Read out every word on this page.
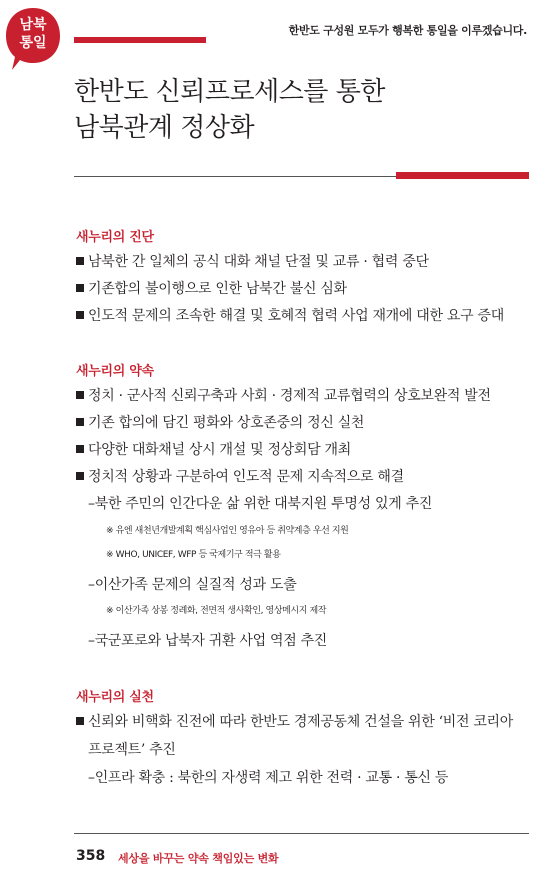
남북
통일
한반도 구성원 모두가 행복한 통일을 이루겠습니다.
한반도 신뢰프로세스를 통한
남북관계 정상화
새누리의 진단
남북한 간 일체의 공식 대화 채널 단절 및 교류 · 협력 중단
기존합의 불이행으로 인한 남북간 불신 심화
인도적 문제의 조속한 해결 및 호혜적 협력 사업 재개에 대한 요구 증대
새누리의 약속
정치 · 군사적 신뢰구축과 사회 · 경제적 교류협력의 상호보완적 발전
기존 합의에 담긴 평화와 상호존중의 정신 실천
다양한 대화채널 상시 개설 및 정상회담 개최
정치적 상황과 구분하여 인도적 문제 지속적으로 해결
–북한 주민의 인간다운 삶 위한 대북지원 투명성 있게 추진
※ 유엔 새천년개발계획 핵심사업인 영유아 등 취약계층 우선 지원
※ WHO, UNICEF, WFP 등 국제기구 적극 활용
–이산가족 문제의 실질적 성과 도출
※ 이산가족 상봉 정례화, 전면적 생사확인, 영상메시지 제작
–국군포로와 납북자 귀환 사업 역점 추진
새누리의 실천
신뢰와 비핵화 진전에 따라 한반도 경제공동체 건설을 위한 ‘비전 코리아
프로젝트’ 추진
–인프라 확충 : 북한의 자생력 제고 위한 전력 · 교통 · 통신 등
358 세상을 바꾸는 약속 책임있는 변화
